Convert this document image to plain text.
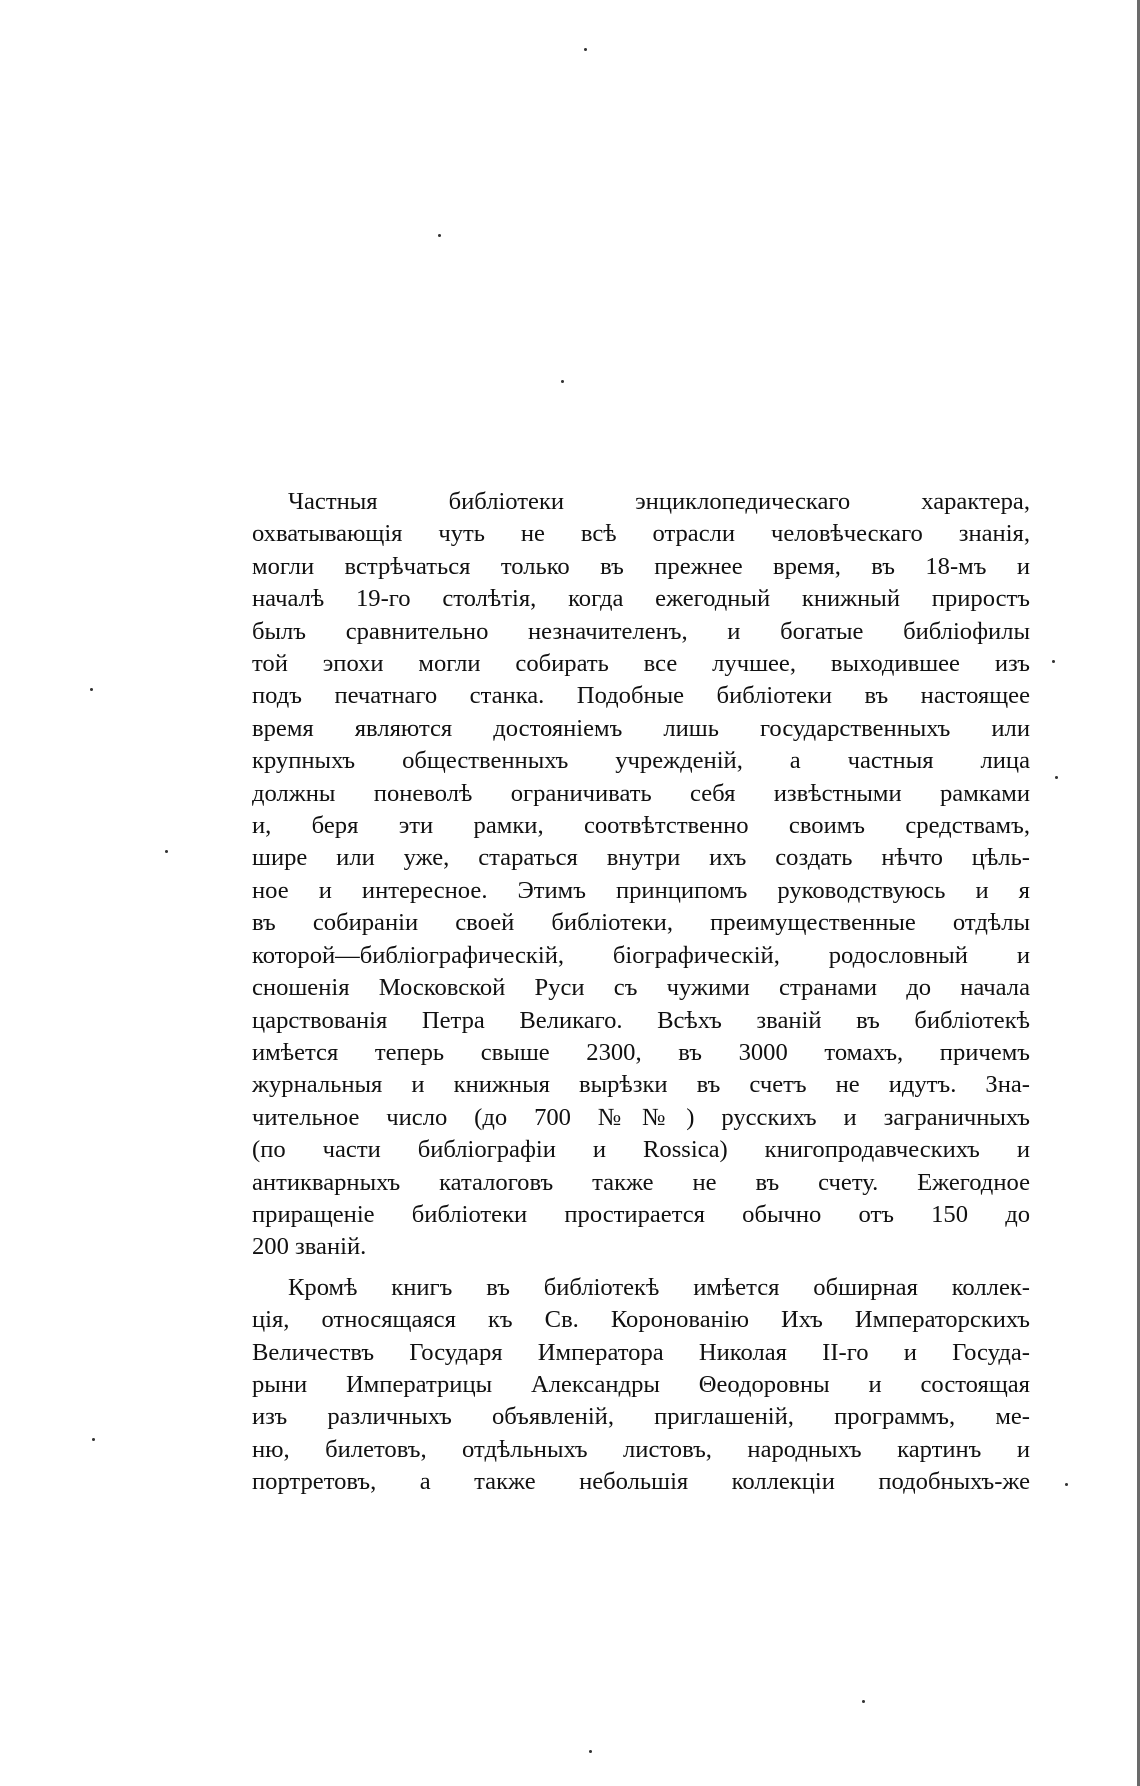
Частныя библіотеки энциклопедическаго характера,
охватывающія чуть не всѣ отрасли человѣческаго знанія,
могли встрѣчаться только въ прежнее время, въ 18-мъ и
началѣ 19-го столѣтія, когда ежегодный книжный приростъ
былъ сравнительно незначителенъ, и богатые библіофилы
той эпохи могли собирать все лучшее, выходившее изъ
подъ печатнаго станка. Подобные библіотеки въ настоящее
время являются достояніемъ лишь государственныхъ или
крупныхъ общественныхъ учрежденій, а частныя лица
должны поневолѣ ограничивать себя извѣстными рамками
и, беря эти рамки, соотвѣтственно своимъ средствамъ,
шире или уже, стараться внутри ихъ создать нѣчто цѣль-
ное и интересное. Этимъ принципомъ руководствуюсь и я
въ собираніи своей библіотеки, преимущественные отдѣлы
которой—библіографическій, біографическій, родословный и
сношенія Московской Руси съ чужими странами до начала
царствованія Петра Великаго. Всѣхъ званій въ библіотекѣ
имѣется теперь свыше 2300, въ 3000 томахъ, причемъ
журнальныя и книжныя вырѣзки въ счетъ не идутъ. Зна-
чительное число (до 700 №№) русскихъ и заграничныхъ
(по части библіографіи и Rossica) книгопродавческихъ и
антикварныхъ каталоговъ также не въ счету. Ежегодное
приращеніе библіотеки простирается обычно отъ 150 до
200 званій.
Кромѣ книгъ въ библіотекѣ имѣется обширная коллек-
ція, относящаяся къ Св. Коронованію Ихъ Императорскихъ
Величествъ Государя Императора Николая II-го и Госуда-
рыни Императрицы Александры Θеодоровны и состоящая
изъ различныхъ объявленій, приглашеній, программъ, ме-
ню, билетовъ, отдѣльныхъ листовъ, народныхъ картинъ и
портретовъ, а также небольшія коллекціи подобныхъ-же
